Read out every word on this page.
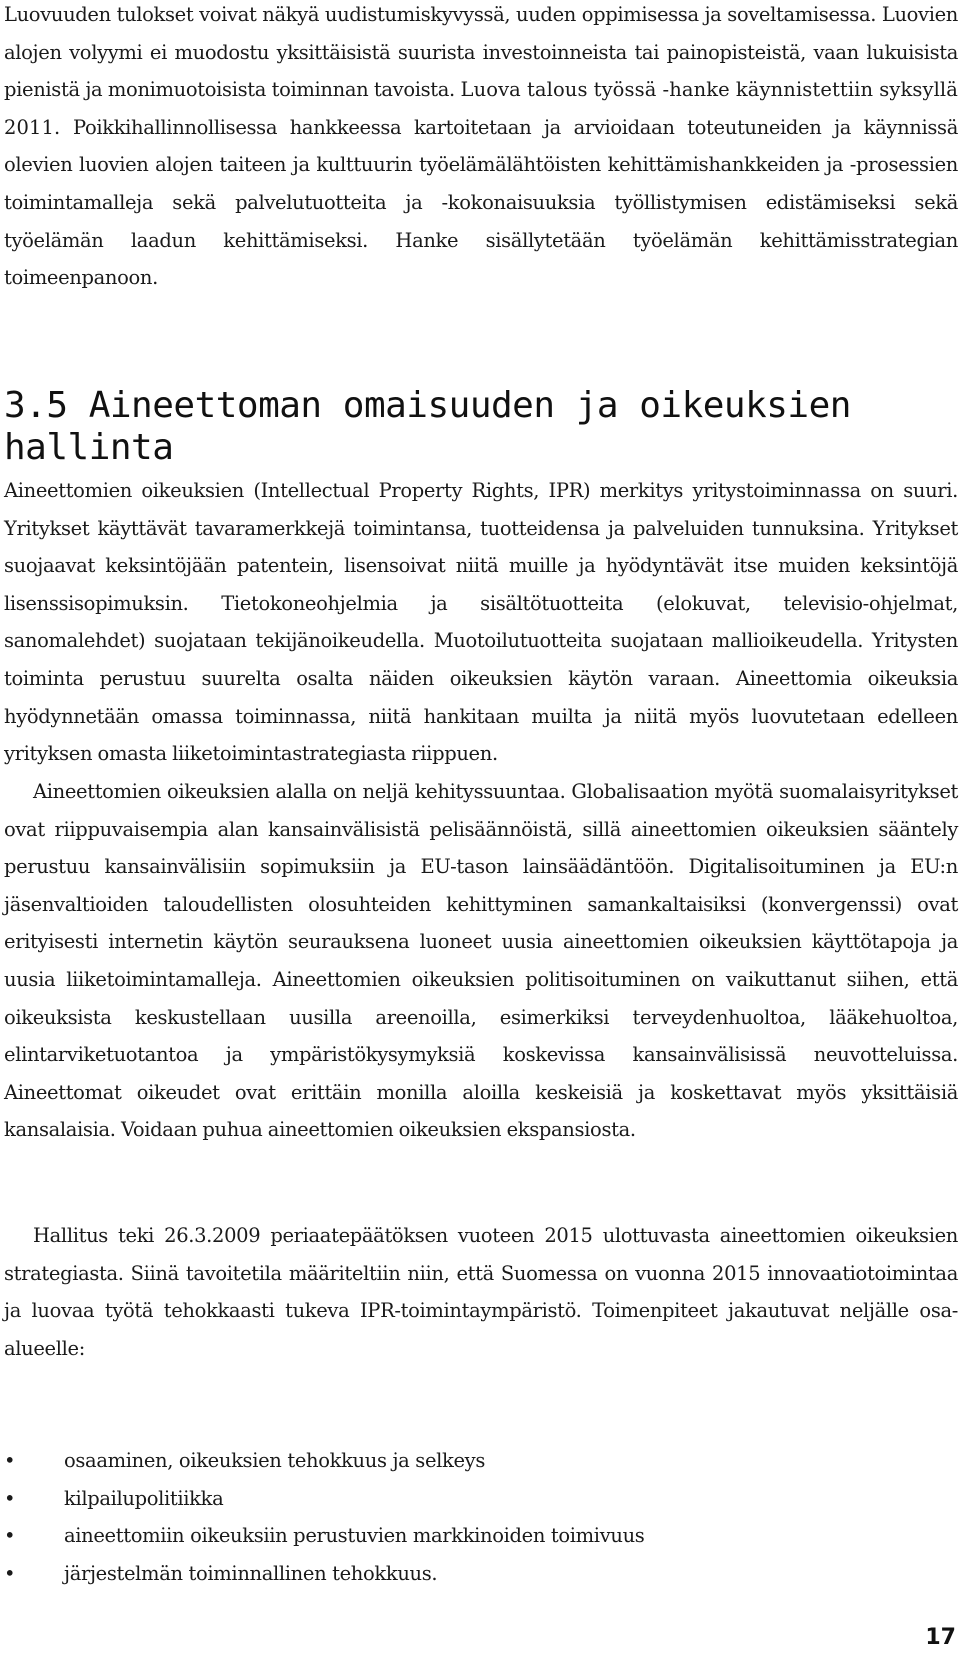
Luovuuden tulokset voivat näkyä uudistumiskyvyssä, uuden oppimisessa ja soveltamisessa. Luovien alojen volyymi ei muodostu yksittäisistä suurista investoinneista tai painopisteistä, vaan lukuisista pienistä ja monimuotoisista toiminnan tavoista. Luova talous työssä -hanke käynnistettiin syksyllä 2011. Poikkihallinnollisessa hankkeessa kartoitetaan ja arvioidaan toteutuneiden ja käynnissä olevien luovien alojen taiteen ja kulttuurin työelämälähtöisten kehittämishankkeiden ja -prosessien toimintamalleja sekä palvelutuotteita ja -kokonaisuuksia työllistymisen edistämiseksi sekä työelämän laadun kehittämiseksi. Hanke sisällytetään työelämän kehittämisstrategian toimeenpanoon.

3.5 Aineettoman omaisuuden ja oikeuksien hallinta

Aineettomien oikeuksien (Intellectual Property Rights, IPR) merkitys yritystoiminnassa on suuri. Yritykset käyttävät tavaramerkkejä toimintansa, tuotteidensa ja palveluiden tunnuksina. Yritykset suojaavat keksintöjään patentein, lisensoivat niitä muille ja hyödyntävät itse muiden keksintöjä lisenssisopimuksin. Tietokoneohjelmia ja sisältötuotteita (elokuvat, televisio-ohjelmat, sanomalehdet) suojataan tekijänoikeudella. Muotoilutuotteita suojataan mallioikeudella. Yritysten toiminta perustuu suurelta osalta näiden oikeuksien käytön varaan. Aineettomia oikeuksia hyödynnetään omassa toiminnassa, niitä hankitaan muilta ja niitä myös luovutetaan edelleen yrityksen omasta liiketoimintastrategiasta riippuen.

Aineettomien oikeuksien alalla on neljä kehityssuuntaa. Globalisaation myötä suomalaisyritykset ovat riippuvaisempia alan kansainvälisistä pelisäännöistä, sillä aineettomien oikeuksien sääntely perustuu kansainvälisiin sopimuksiin ja EU-tason lainsäädäntöön. Digitalisoituminen ja EU:n jäsenvaltioiden taloudellisten olosuhteiden kehittyminen samankaltaisiksi (konvergenssi) ovat erityisesti internetin käytön seurauksena luoneet uusia aineettomien oikeuksien käyttötapoja ja uusia liiketoimintamalleja. Aineettomien oikeuksien politisoituminen on vaikuttanut siihen, että oikeuksista keskustellaan uusilla areenoilla, esimerkiksi terveydenhuoltoa, lääkehuoltoa, elintarviketuotantoa ja ympäristökysymyksiä koskevissa kansainvälisissä neuvotteluissa. Aineettomat oikeudet ovat erittäin monilla aloilla keskeisiä ja koskettavat myös yksittäisiä kansalaisia. Voidaan puhua aineettomien oikeuksien ekspansiosta.

Hallitus teki 26.3.2009 periaatepäätöksen vuoteen 2015 ulottuvasta aineettomien oikeuksien strategiasta. Siinä tavoitetila määriteltiin niin, että Suomessa on vuonna 2015 innovaatiotoimintaa ja luovaa työtä tehokkaasti tukeva IPR-toimintaympäristö. Toimenpiteet jakautuvat neljälle osa-alueelle:

•	osaaminen, oikeuksien tehokkuus ja selkeys
•	kilpailupolitiikka
•	aineettomiin oikeuksiin perustuvien markkinoiden toimivuus
•	järjestelmän toiminnallinen tehokkuus.
17
